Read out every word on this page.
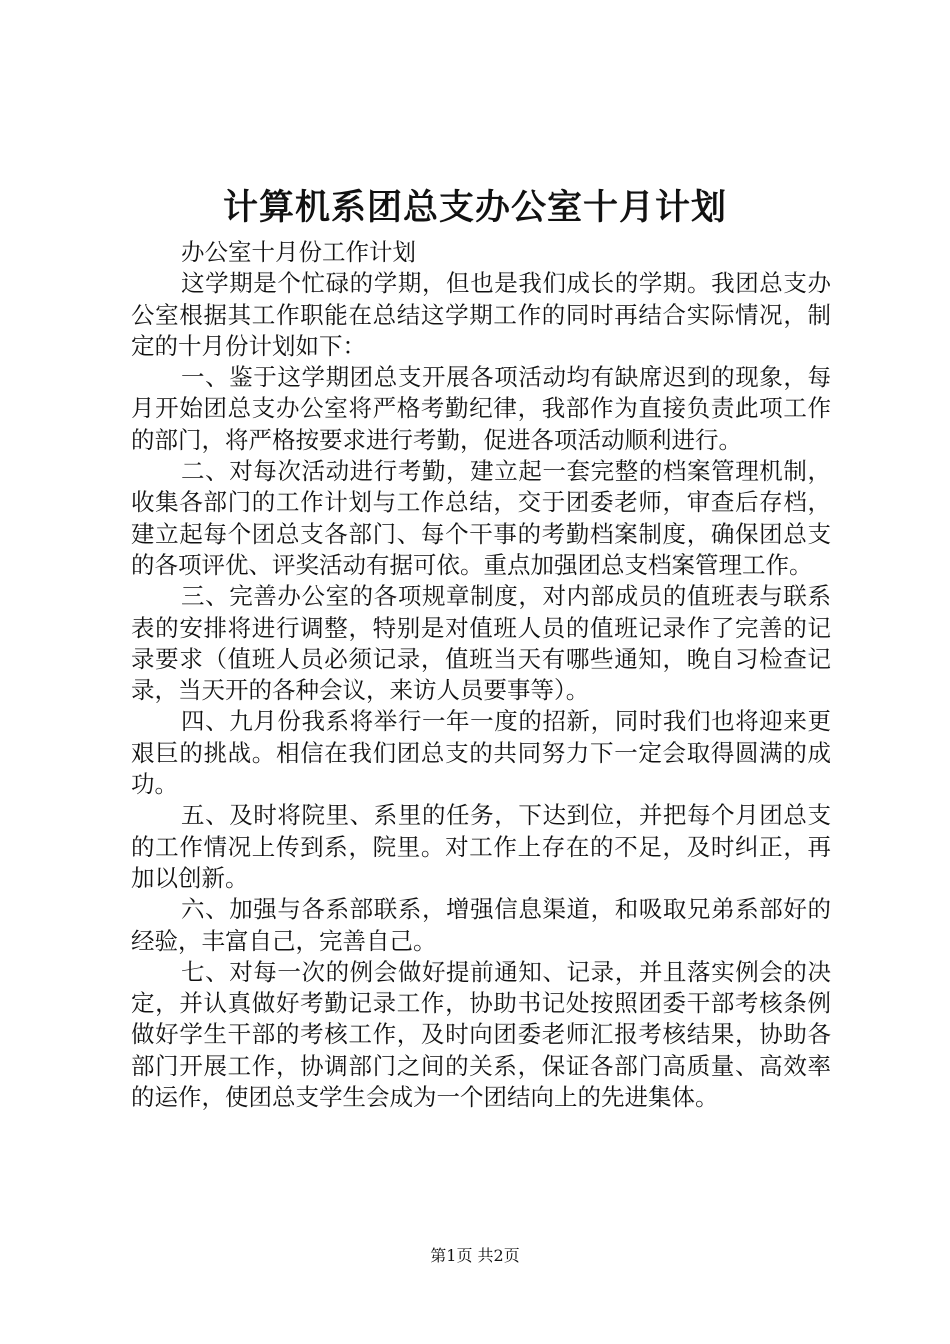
计算机系团总支办公室十月计划

办公室十月份工作计划

这学期是个忙碌的学期，但也是我们成长的学期。我团总支办公室根据其工作职能在总结这学期工作的同时再结合实际情况，制定的十月份计划如下：

一、鉴于这学期团总支开展各项活动均有缺席迟到的现象，每月开始团总支办公室将严格考勤纪律，我部作为直接负责此项工作的部门，将严格按要求进行考勤，促进各项活动顺利进行。

二、对每次活动进行考勤，建立起一套完整的档案管理机制，收集各部门的工作计划与工作总结，交于团委老师，审查后存档，建立起每个团总支各部门、每个干事的考勤档案制度，确保团总支的各项评优、评奖活动有据可依。重点加强团总支档案管理工作。

三、完善办公室的各项规章制度，对内部成员的值班表与联系表的安排将进行调整，特别是对值班人员的值班记录作了完善的记录要求（值班人员必须记录，值班当天有哪些通知，晚自习检查记录，当天开的各种会议，来访人员要事等）。

四、九月份我系将举行一年一度的招新，同时我们也将迎来更艰巨的挑战。相信在我们团总支的共同努力下一定会取得圆满的成功。

五、及时将院里、系里的任务，下达到位，并把每个月团总支的工作情况上传到系，院里。对工作上存在的不足，及时纠正，再加以创新。

六、加强与各系部联系，增强信息渠道，和吸取兄弟系部好的经验，丰富自己，完善自己。

七、对每一次的例会做好提前通知、记录，并且落实例会的决定，并认真做好考勤记录工作，协助书记处按照团委干部考核条例做好学生干部的考核工作，及时向团委老师汇报考核结果，协助各部门开展工作，协调部门之间的关系，保证各部门高质量、高效率的运作，使团总支学生会成为一个团结向上的先进集体。

第1页 共2页
